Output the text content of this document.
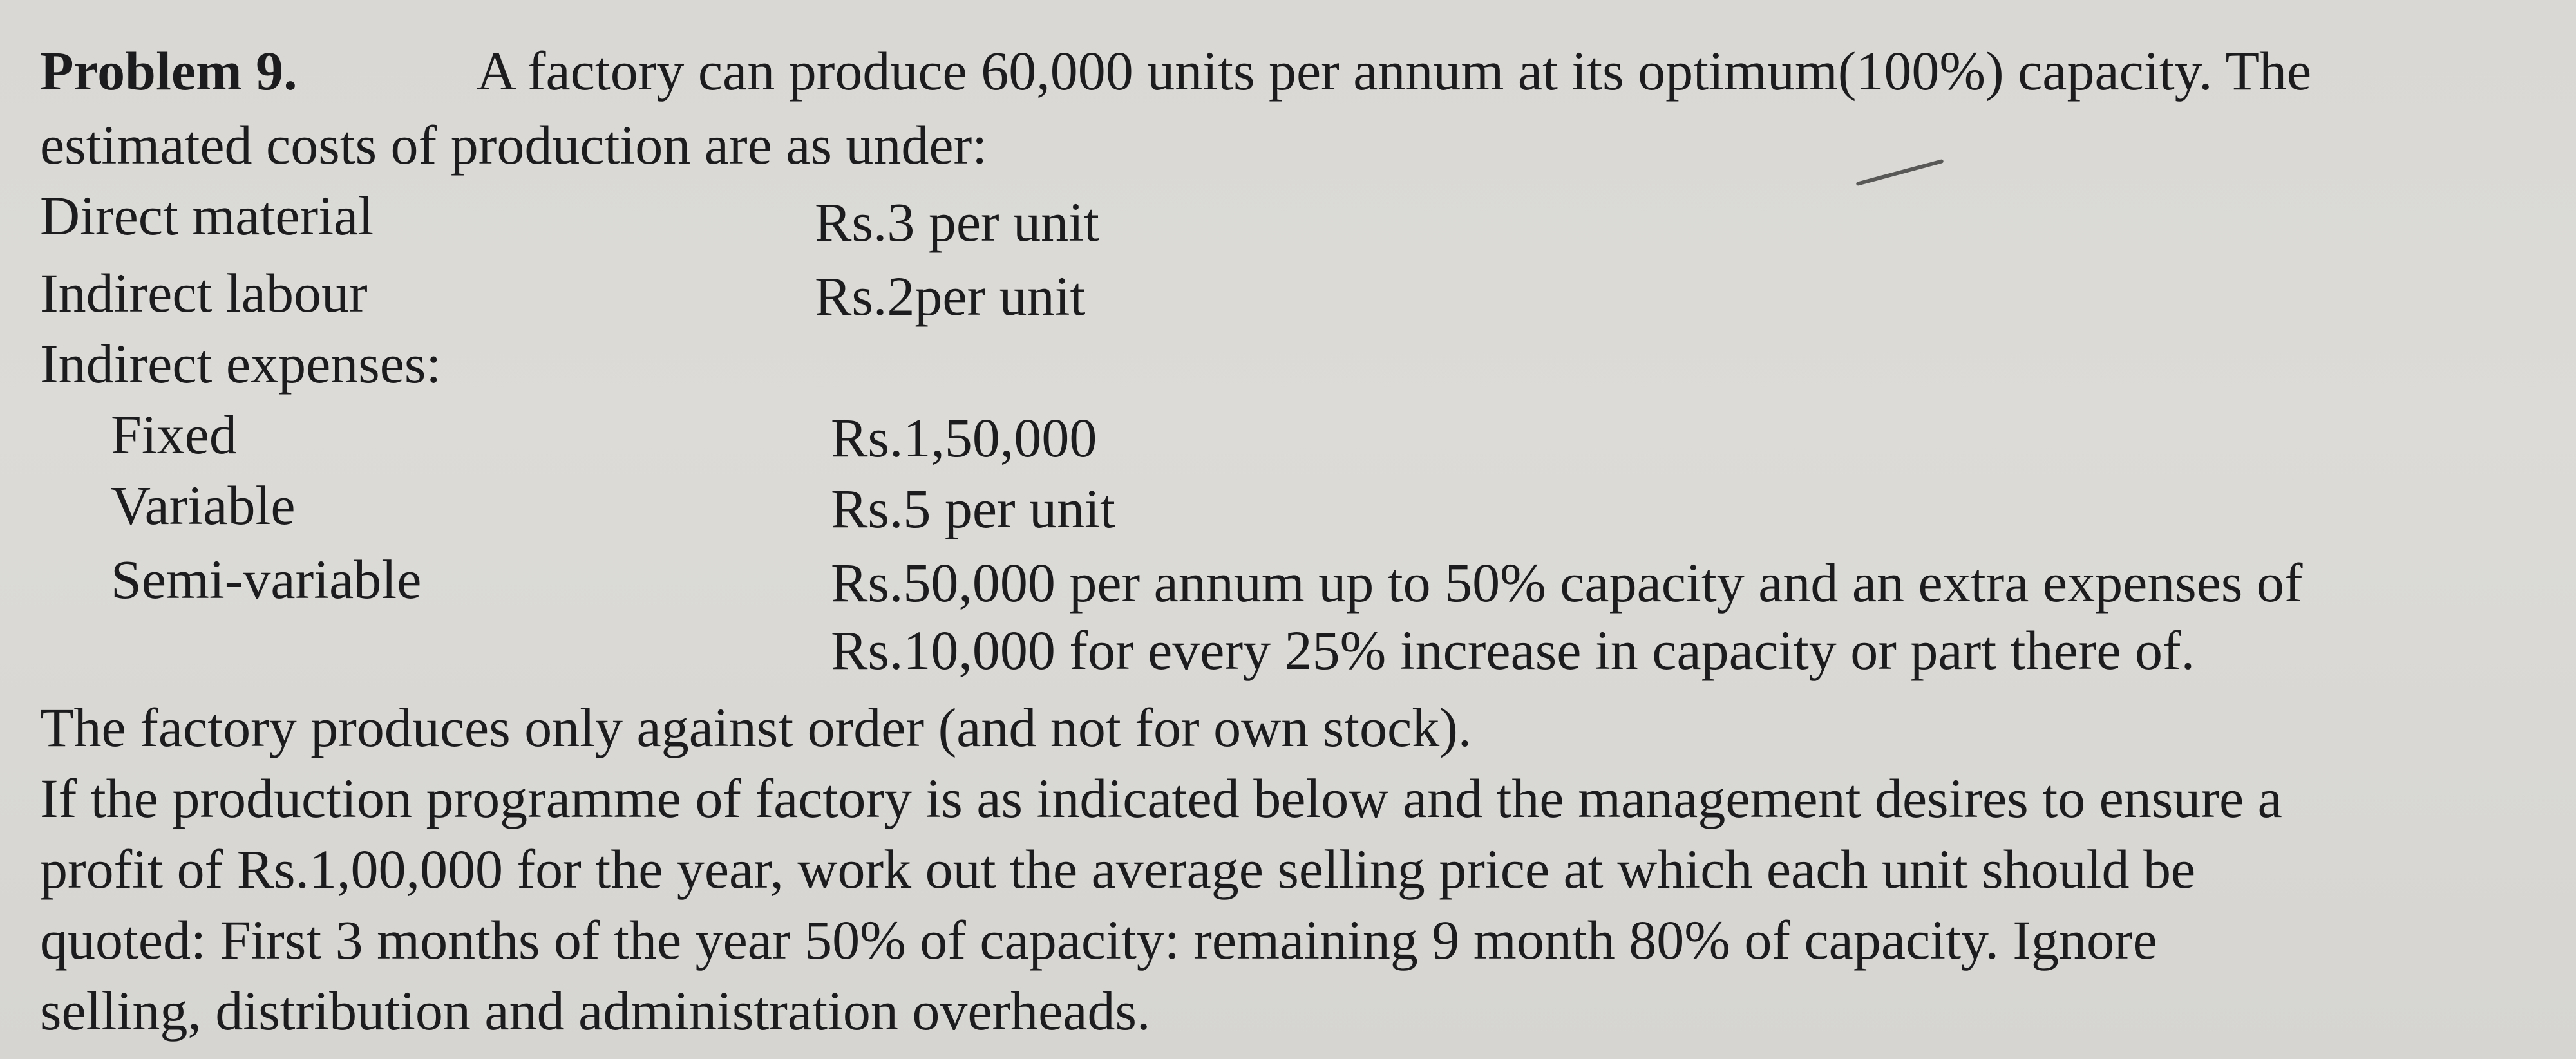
Problem 9.	A factory can produce 60,000 units per annum at its optimum(100%) capacity. The
estimated costs of production are as under:
Direct material	Rs.3 per unit
Indirect labour	Rs.2per unit
Indirect expenses:
Fixed	Rs.1,50,000
Variable	Rs.5 per unit
Semi-variable	Rs.50,000 per annum up to 50% capacity and an extra expenses of
Rs.10,000 for every 25% increase in capacity or part there of.
The factory produces only against order (and not for own stock).
If the production programme of factory is as indicated below and the management desires to ensure a
profit of Rs.1,00,000 for the year, work out the average selling price at which each unit should be
quoted: First 3 months of the year 50% of capacity: remaining 9 month 80% of capacity. Ignore
selling, distribution and administration overheads.
